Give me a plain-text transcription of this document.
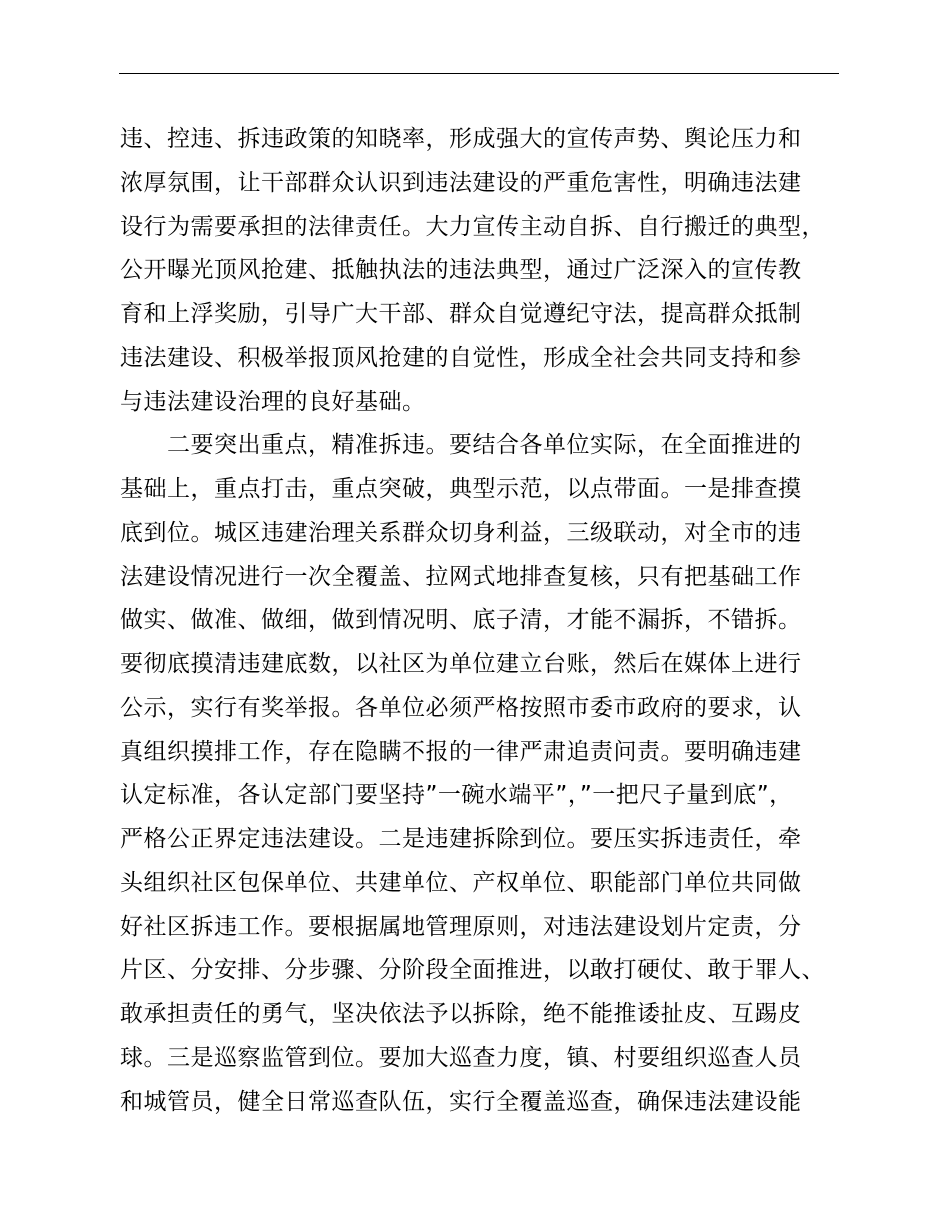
违、控违、拆违政策的知晓率，形成强大的宣传声势、舆论压力和
浓厚氛围，让干部群众认识到违法建设的严重危害性，明确违法建
设行为需要承担的法律责任。大力宣传主动自拆、自行搬迁的典型，
公开曝光顶风抢建、抵触执法的违法典型，通过广泛深入的宣传教
育和上浮奖励，引导广大干部、群众自觉遵纪守法，提高群众抵制
违法建设、积极举报顶风抢建的自觉性，形成全社会共同支持和参
与违法建设治理的良好基础。
　　二要突出重点，精准拆违。要结合各单位实际，在全面推进的
基础上，重点打击，重点突破，典型示范，以点带面。一是排查摸
底到位。城区违建治理关系群众切身利益，三级联动，对全市的违
法建设情况进行一次全覆盖、拉网式地排查复核，只有把基础工作
做实、做准、做细，做到情况明、底子清，才能不漏拆，不错拆。
要彻底摸清违建底数，以社区为单位建立台账，然后在媒体上进行
公示，实行有奖举报。各单位必须严格按照市委市政府的要求，认
真组织摸排工作，存在隐瞒不报的一律严肃追责问责。要明确违建
认定标准，各认定部门要坚持”一碗水端平”，”一把尺子量到底”，
严格公正界定违法建设。二是违建拆除到位。要压实拆违责任，牵
头组织社区包保单位、共建单位、产权单位、职能部门单位共同做
好社区拆违工作。要根据属地管理原则，对违法建设划片定责，分
片区、分安排、分步骤、分阶段全面推进，以敢打硬仗、敢于罪人、
敢承担责任的勇气，坚决依法予以拆除，绝不能推诿扯皮、互踢皮
球。三是巡察监管到位。要加大巡查力度，镇、村要组织巡查人员
和城管员，健全日常巡查队伍，实行全覆盖巡查，确保违法建设能
